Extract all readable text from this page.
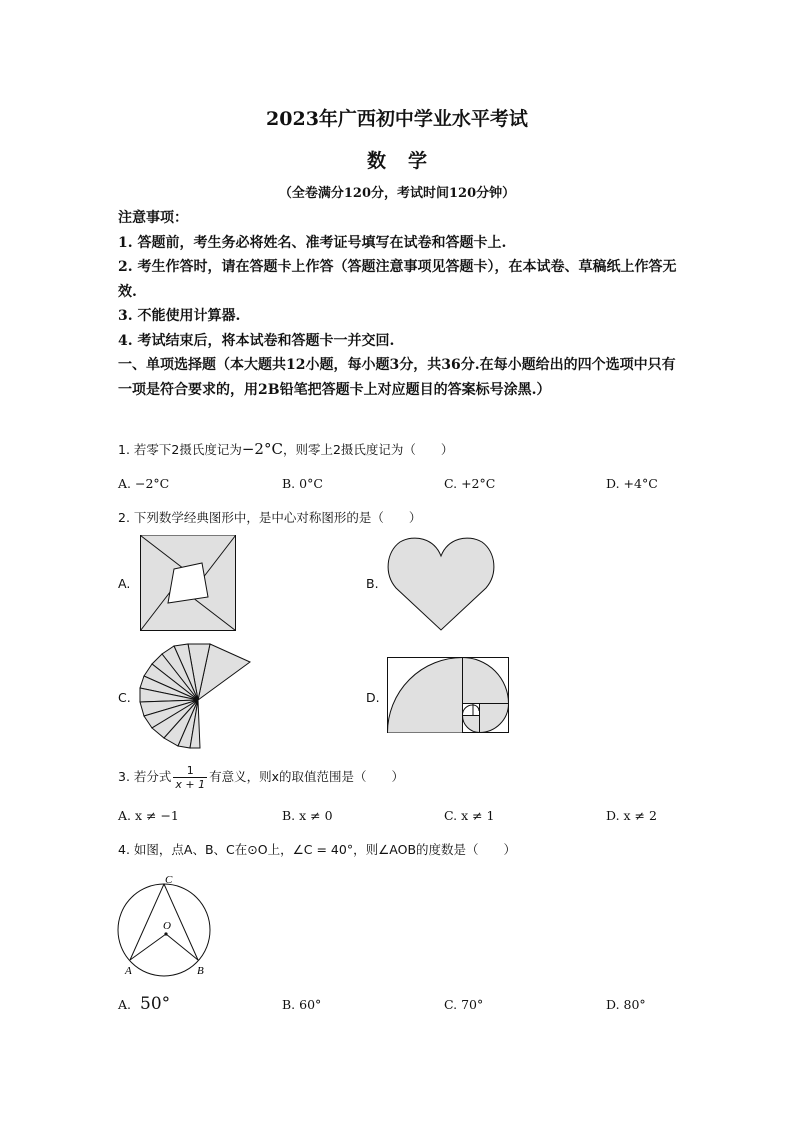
2023年广西初中学业水平考试
数学
（全卷满分120分，考试时间120分钟）

注意事项：

1. 答题前，考生务必将姓名、准考证号填写在试卷和答题卡上.

2. 考生作答时，请在答题卡上作答（答题注意事项见答题卡），在本试卷、草稿纸上作答无效.

3. 不能使用计算器.

4. 考试结束后，将本试卷和答题卡一并交回.

一、单项选择题（本大题共12小题，每小题3分，共36分.在每小题给出的四个选项中只有一项是符合要求的，用2B铅笔把答题卡上对应题目的答案标号涂黑.）

1. 若零下2摄氏度记为−2°C，则零上2摄氏度记为（　　）
A. −2°C	B. 0°C	C. +2°C	D. +4°C
2. 下列数学经典图形中，是中心对称图形的是（　　）
A.	B.
C.	D.
3. 若分式 $\frac{1}{x + 1}$ 有意义，则x的取值范围是（　　）
A. x ≠ −1	B. x ≠ 0	C. x ≠ 1	D. x ≠ 2
4. 如图，点A、B、C在⊙O上，∠C = 40°，则∠AOB的度数是（　　）
C
O
A	B
A. 50°	B. 60°	C. 70°	D. 80°
